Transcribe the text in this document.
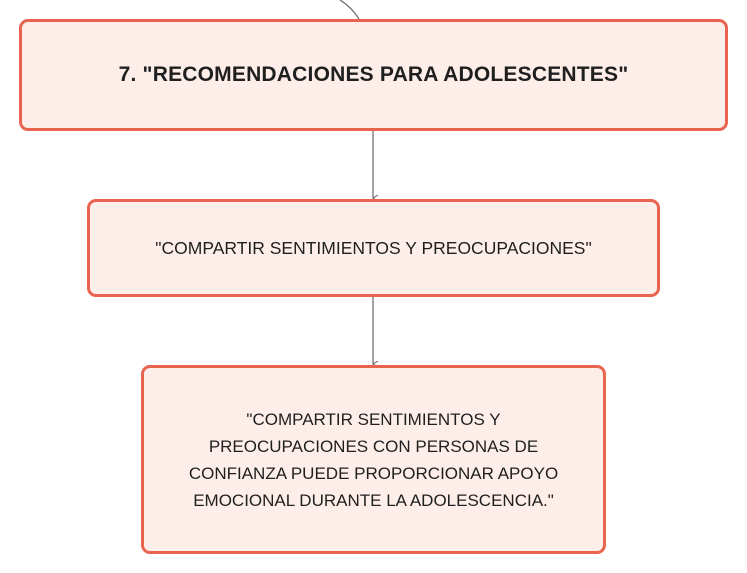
7. "RECOMENDACIONES PARA ADOLESCENTES"
"COMPARTIR SENTIMIENTOS Y PREOCUPACIONES"
"COMPARTIR SENTIMIENTOS Y PREOCUPACIONES CON PERSONAS DE CONFIANZA PUEDE PROPORCIONAR APOYO EMOCIONAL DURANTE LA ADOLESCENCIA."
